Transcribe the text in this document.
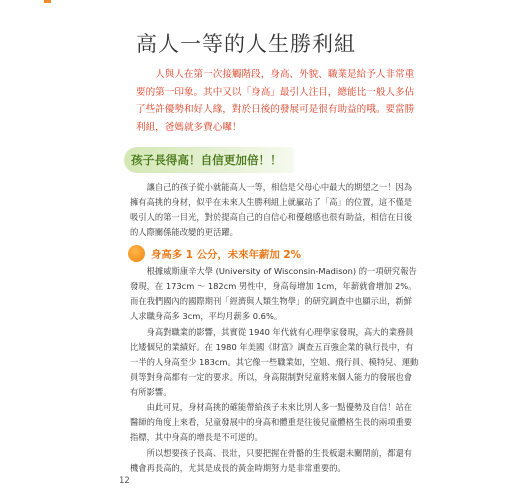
高人一等的人生勝利組

人與人在第一次接觸階段，身高、外貌、職業是給予人非常重要的第一印象。其中又以「身高」最引人注目，總能比一般人多佔了些許優勢和好人緣，對於日後的發展可是很有助益的哦。要當勝利組，爸媽就多費心囉！

孩子長得高！自信更加倍！！

讓自己的孩子從小就能高人一等，相信是父母心中最大的期望之一！因為擁有高挑的身材，似乎在未來人生勝利組上就贏站了「高」的位置，這不僅是吸引人的第一目光，對於提高自己的自信心和優越感也很有助益，相信在日後的人際關係能改變的更活躍。

身高多 1 公分，未來年薪加 2%

根據威斯康辛大學 (University of Wisconsin-Madison) 的一項研究報告發現，在 173cm ～ 182cm 男性中，身高每增加 1cm，年薪就會增加 2%。而在我們國內的國際期刊「經濟與人類生物學」的研究調查中也顯示出，新鮮人求職身高多 3cm，平均月薪多 0.6%。

身高對職業的影響，其實從 1940 年代就有心理學家發現，高大的業務員比矮個兒的業績好。在 1980 年美國《財富》調查五百強企業的執行長中，有一半的人身高至少 183cm。其它像一些職業如，空姐、飛行員、模特兒、運動員等對身高都有一定的要求。所以，身高限制對兒童將來個人能力的發展也會有所影響。

由此可見，身材高挑的確能帶給孩子未來比別人多一點優勢及自信！站在醫師的角度上來看，兒童發展中的身高和體重是往後兒童體格生長的兩項重要指標，其中身高的增長是不可逆的。

所以想要孩子長高、長壯，只要把握在骨骼的生長板還未關閉前，都還有機會再長高的，尤其是成長的黃金時期努力是非常重要的。

12
